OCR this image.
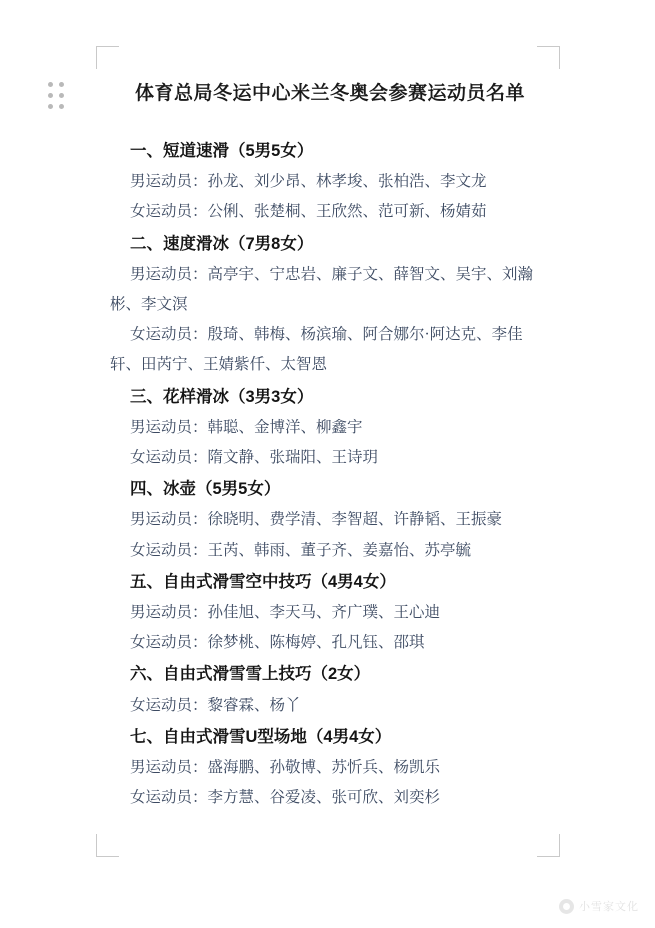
体育总局冬运中心米兰冬奥会参赛运动员名单
一、短道速滑（5男5女）
男运动员：孙龙、刘少昂、林孝埈、张柏浩、李文龙
女运动员：公俐、张楚桐、王欣然、范可新、杨婧茹
二、速度滑冰（7男8女）
男运动员：高亭宇、宁忠岩、廉子文、薛智文、吴宇、刘瀚彬、李文溟
女运动员：殷琦、韩梅、杨滨瑜、阿合娜尔·阿达克、李佳轩、田芮宁、王婧紫仟、太智恩
三、花样滑冰（3男3女）
男运动员：韩聪、金博洋、柳鑫宇
女运动员：隋文静、张瑞阳、王诗玥
四、冰壶（5男5女）
男运动员：徐晓明、费学清、李智超、许静韬、王振豪
女运动员：王芮、韩雨、董子齐、姜嘉怡、苏亭毓
五、自由式滑雪空中技巧（4男4女）
男运动员：孙佳旭、李天马、齐广璞、王心迪
女运动员：徐梦桃、陈梅婷、孔凡钰、邵琪
六、自由式滑雪雪上技巧（2女）
女运动员：黎睿霖、杨丫
七、自由式滑雪U型场地（4男4女）
男运动员：盛海鹏、孙敬博、苏忻兵、杨凯乐
女运动员：李方慧、谷爱凌、张可欣、刘奕杉
小雪家文化
